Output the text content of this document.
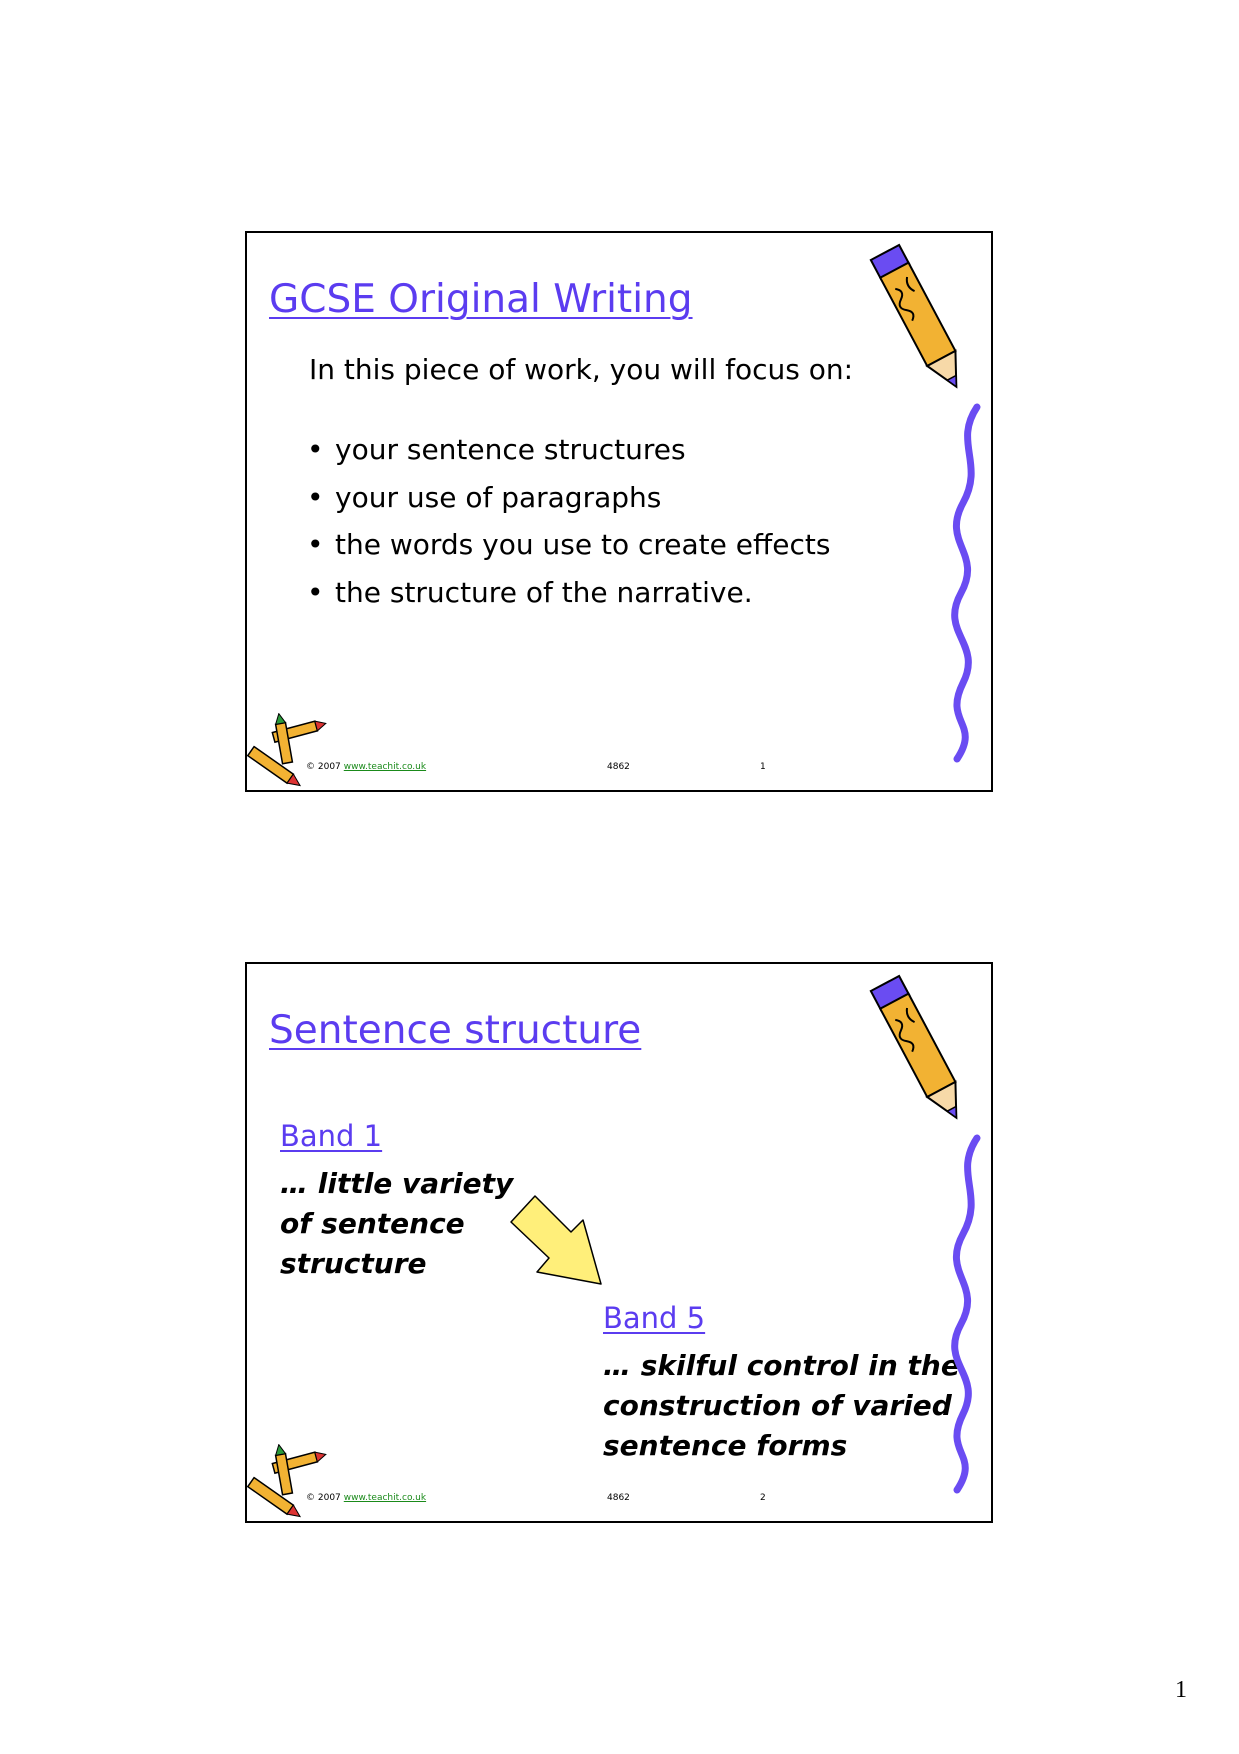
GCSE Original Writing
In this piece of work, you will focus on:
• your sentence structures
• your use of paragraphs
• the words you use to create effects
• the structure of the narrative.
© 2007 www.teachit.co.uk	4862	1
Sentence structure
Band 1

… little variety of sentence structure

Band 5

… skilful control in the construction of varied sentence forms

© 2007 www.teachit.co.uk	4862	2
1
